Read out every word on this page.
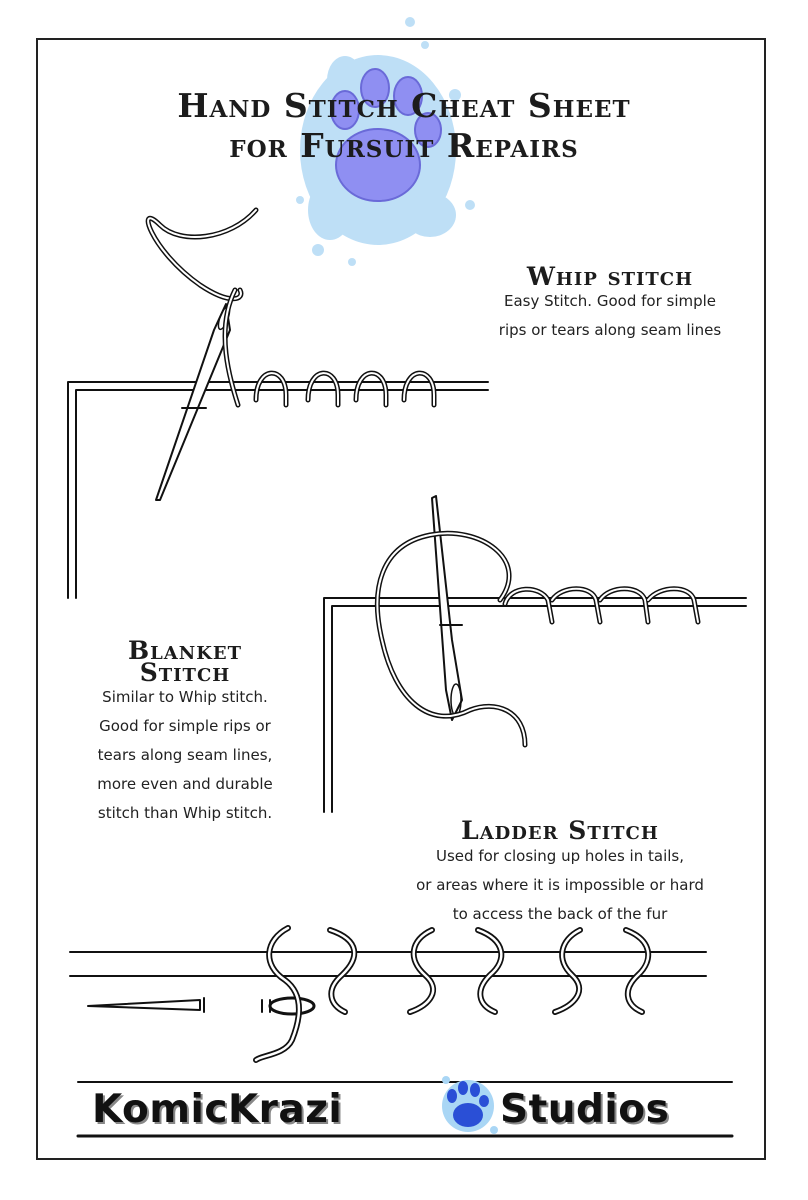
Hand Stitch Cheat Sheet
for Fursuit Repairs
Whip stitch
Easy Stitch. Good for simple
rips or tears along seam lines
Blanket
Stitch
Similar to Whip stitch.
Good for simple rips or
tears along seam lines,
more even and durable
stitch than Whip stitch.
Ladder Stitch
Used for closing up holes in tails,
or areas where it is impossible or hard
to access the back of the fur
KomicKrazi	Studios
